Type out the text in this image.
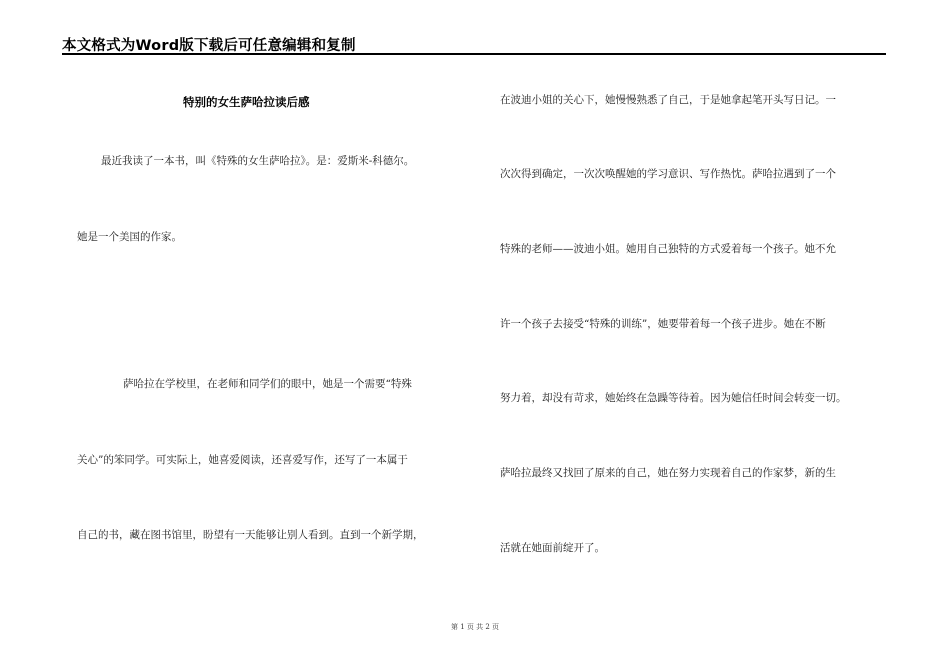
本文格式为Word版下载后可任意编辑和复制
特别的女生萨哈拉读后感
最近我读了一本书，叫《特殊的女生萨哈拉》。是：爱斯米-科德尔。
她是一个美国的作家。
萨哈拉在学校里，在老师和同学们的眼中，她是一个需要“特殊
关心”的笨同学。可实际上，她喜爱阅读，还喜爱写作，还写了一本属于
自己的书，藏在图书馆里，盼望有一天能够让别人看到。直到一个新学期，
在波迪小姐的关心下，她慢慢熟悉了自己，于是她拿起笔开头写日记。一
次次得到确定，一次次唤醒她的学习意识、写作热忱。萨哈拉遇到了一个
特殊的老师——波迪小姐。她用自己独特的方式爱着每一个孩子。她不允
许一个孩子去接受“特殊的训练”，她要带着每一个孩子进步。她在不断
努力着，却没有苛求，她始终在急躁等待着。因为她信任时间会转变一切。
萨哈拉最终又找回了原来的自己，她在努力实现着自己的作家梦，新的生
活就在她面前绽开了。
第 1 页 共 2 页
